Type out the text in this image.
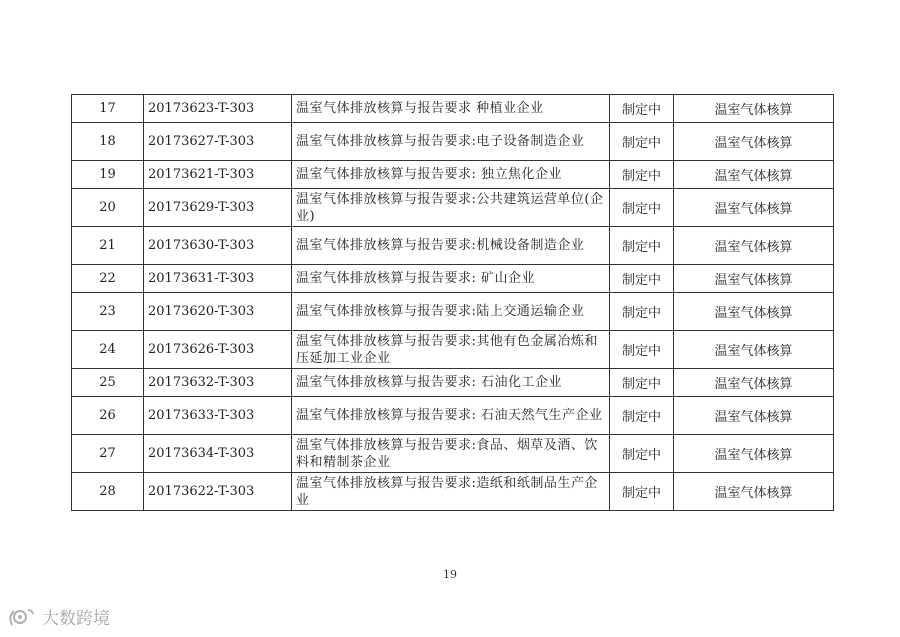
17	20173623-T-303	温室气体排放核算与报告要求 种植业企业	制定中	温室气体核算
18	20173627-T-303	温室气体排放核算与报告要求:电子设备制造企业	制定中	温室气体核算
19	20173621-T-303	温室气体排放核算与报告要求: 独立焦化企业	制定中	温室气体核算
20	20173629-T-303	温室气体排放核算与报告要求:公共建筑运营单位(企业)	制定中	温室气体核算
21	20173630-T-303	温室气体排放核算与报告要求:机械设备制造企业	制定中	温室气体核算
22	20173631-T-303	温室气体排放核算与报告要求: 矿山企业	制定中	温室气体核算
23	20173620-T-303	温室气体排放核算与报告要求:陆上交通运输企业	制定中	温室气体核算
24	20173626-T-303	温室气体排放核算与报告要求:其他有色金属冶炼和压延加工业企业	制定中	温室气体核算
25	20173632-T-303	温室气体排放核算与报告要求: 石油化工企业	制定中	温室气体核算
26	20173633-T-303	温室气体排放核算与报告要求: 石油天然气生产企业	制定中	温室气体核算
27	20173634-T-303	温室气体排放核算与报告要求:食品、烟草及酒、饮料和精制茶企业	制定中	温室气体核算
28	20173622-T-303	温室气体排放核算与报告要求:造纸和纸制品生产企业	制定中	温室气体核算
19
大数跨境
